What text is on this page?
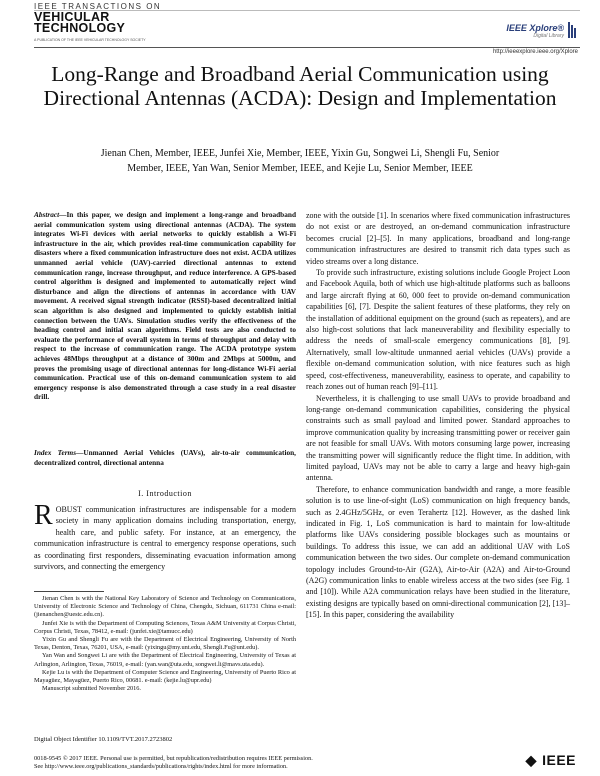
IEEE TRANSACTIONS ON
VEHICULAR
TECHNOLOGY
A PUBLICATION OF THE IEEE VEHICULAR TECHNOLOGY SOCIETY
IEEE Xplore®
Digital Library
http://ieeexplore.ieee.org/Xplore
Long-Range and Broadband Aerial Communication using Directional Antennas (ACDA): Design and Implementation
Jienan Chen, Member, IEEE, Junfei Xie, Member, IEEE, Yixin Gu, Songwei Li, Shengli Fu, Senior
Member, IEEE, Yan Wan, Senior Member, IEEE, and Kejie Lu, Senior Member, IEEE

Abstract—In this paper, we design and implement a long-range and broadband aerial communication system using directional antennas (ACDA). The system integrates Wi-Fi devices with aerial networks to quickly establish a Wi-Fi infrastructure in the air, which provides real-time communication capability for disasters where a fixed communication infrastructure does not exist. ACDA utilizes unmanned aerial vehicle (UAV)-carried directional antennas to extend communication range, increase throughput, and reduce interference. A GPS-based control algorithm is designed and implemented to automatically reject wind disturbance and align the directions of antennas in accordance with UAV movement. A received signal strength indicator (RSSI)-based decentralized initial scan algorithm is also designed and implemented to quickly establish initial connection between the UAVs. Simulation studies verify the effectiveness of the heading control and initial scan algorithms. Field tests are also conducted to evaluate the performance of overall system in terms of throughput and delay with respect to the increase of communication range. The ACDA prototype system achieves 48Mbps throughput at a distance of 300m and 2Mbps at 5000m, and proves the promising usage of directional antennas for long-distance Wi-Fi aerial communication. Practical use of this on-demand communication system to aid emergency response is also demonstrated through a case study in a real disaster drill.

Index Terms—Unmanned Aerial Vehicles (UAVs), air-to-air communication, decentralized control, directional antenna

I. Introduction

ROBUST communication infrastructures are indispensable for a modern society in many application domains including transportation, energy, health care, and public safety. For instance, at an emergency, the communication infrastructure is central to emergency response operations, such as coordinating first responders, disseminating evacuation information among survivors, and connecting the emergency

Jienan Chen is with the National Key Laboratory of Science and Technology on Communications, University of Electronic Science and Technology of China, Chengdu, Sichuan, 611731 China e-mail: (jienanchen@uestc.edu.cn).

Junfei Xie is with the Department of Computing Sciences, Texas A&M University at Corpus Christi, Corpus Christi, Texas, 78412, e-mail: (junfei.xie@tamucc.edu)

Yixin Gu and Shengli Fu are with the Department of Electrical Engineering, University of North Texas, Denton, Texas, 76201, USA, e-mail: (yixingu@my.unt.edu, Shengli.Fu@unt.edu).

Yan Wan and Songwei Li are with the Department of Electrical Engineering, University of Texas at Arlington, Arlington, Texas, 76019, e-mail: (yan.wan@uta.edu, songwei.li@mavs.uta.edu).

Kejie Lu is with the Department of Computer Science and Engineering, University of Puerto Rico at Mayagüez, Mayagüez, Puerto Rico, 00681. e-mail: (kejie.lu@upr.edu)

Manuscript submitted November 2016.

Digital Object Identifier 10.1109/TVT.2017.2723802

zone with the outside [1]. In scenarios where fixed communication infrastructures do not exist or are destroyed, an on-demand communication infrastructure becomes crucial [2]–[5]. In many applications, broadband and long-range communication infrastructures are desired to transmit rich data types such as video streams over a long distance.

To provide such infrastructure, existing solutions include Google Project Loon and Facebook Aquila, both of which use high-altitude platforms such as balloons and large aircraft flying at 60, 000 feet to provide on-demand communication capabilities [6], [7]. Despite the salient features of these platforms, they rely on the installation of additional equipment on the ground (such as repeaters), and are also high-cost solutions that lack maneuverability and flexibility especially to address the needs of small-scale emergency communications [8], [9]. Alternatively, small low-altitude unmanned aerial vehicles (UAVs) provide a flexible on-demand communication solution, with nice features such as high speed, cost-effectiveness, maneuverability, easiness to operate, and capability to reach zones out of human reach [9]–[11].

Nevertheless, it is challenging to use small UAVs to provide broadband and long-range on-demand communication capabilities, considering the physical constraints such as small payload and limited power. Standard approaches to improve communication quality by increasing transmitting power or receiver gain are not feasible for small UAVs. With motors consuming large power, increasing the transmitting power will significantly reduce the flight time. In addition, with limited payload, UAVs may not be able to carry a large and heavy high-gain antenna.

Therefore, to enhance communication bandwidth and range, a more feasible solution is to use line-of-sight (LoS) communication on high frequency bands, such as 2.4GHz/5GHz, or even Terahertz [12]. However, as the dashed link indicated in Fig. 1, LoS communication is hard to maintain for low-altitude platforms like UAVs considering possible blockages such as mountains or buildings. To address this issue, we can add an additional UAV with LoS communication between the two sides. Our complete on-demand communication topology includes Ground-to-Air (G2A), Air-to-Air (A2A) and Air-to-Ground (A2G) communication links to enable wireless access at the two sides (see Fig. 1 and [10]). While A2A communication relays have been studied in the literature, existing designs are typically based on omni-directional communication [2], [13]–[15]. In this paper, considering the availability

0018-9545 © 2017 IEEE. Personal use is permitted, but republication/redistribution requires IEEE permission.
See http://www.ieee.org/publications_standards/publications/rights/index.html for more information.	◆ IEEE
